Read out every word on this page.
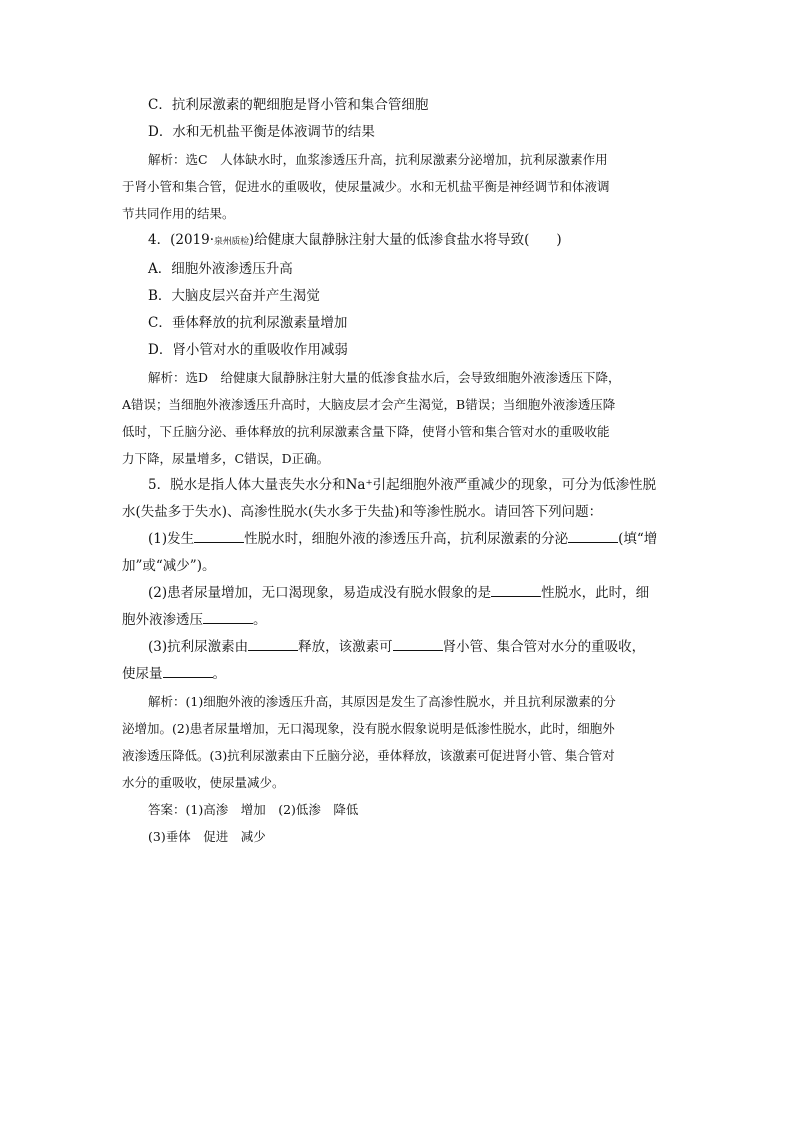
C．抗利尿激素的靶细胞是肾小管和集合管细胞
D．水和无机盐平衡是体液调节的结果
解析：选C　人体缺水时，血浆渗透压升高，抗利尿激素分泌增加，抗利尿激素作用
于肾小管和集合管，促进水的重吸收，使尿量减少。水和无机盐平衡是神经调节和体液调
节共同作用的结果。
4．(2019·泉州质检)给健康大鼠静脉注射大量的低渗食盐水将导致(　　)
A．细胞外液渗透压升高
B．大脑皮层兴奋并产生渴觉
C．垂体释放的抗利尿激素量增加
D．肾小管对水的重吸收作用减弱
解析：选D　给健康大鼠静脉注射大量的低渗食盐水后，会导致细胞外液渗透压下降，
A错误；当细胞外液渗透压升高时，大脑皮层才会产生渴觉，B错误；当细胞外液渗透压降
低时，下丘脑分泌、垂体释放的抗利尿激素含量下降，使肾小管和集合管对水的重吸收能
力下降，尿量增多，C错误，D正确。
5．脱水是指人体大量丧失水分和Na⁺引起细胞外液严重减少的现象，可分为低渗性脱
水(失盐多于失水)、高渗性脱水(失水多于失盐)和等渗性脱水。请回答下列问题：
(1)发生	性脱水时，细胞外液的渗透压升高，抗利尿激素的分泌	(填“增
加”或“减少”)。
(2)患者尿量增加，无口渴现象，易造成没有脱水假象的是	性脱水，此时，细
胞外液渗透压	。
(3)抗利尿激素由	释放，该激素可	肾小管、集合管对水分的重吸收，
使尿量	。
解析：(1)细胞外液的渗透压升高，其原因是发生了高渗性脱水，并且抗利尿激素的分
泌增加。(2)患者尿量增加，无口渴现象，没有脱水假象说明是低渗性脱水，此时，细胞外
液渗透压降低。(3)抗利尿激素由下丘脑分泌，垂体释放，该激素可促进肾小管、集合管对
水分的重吸收，使尿量减少。
答案：(1)高渗　增加　(2)低渗　降低
(3)垂体　促进　减少
